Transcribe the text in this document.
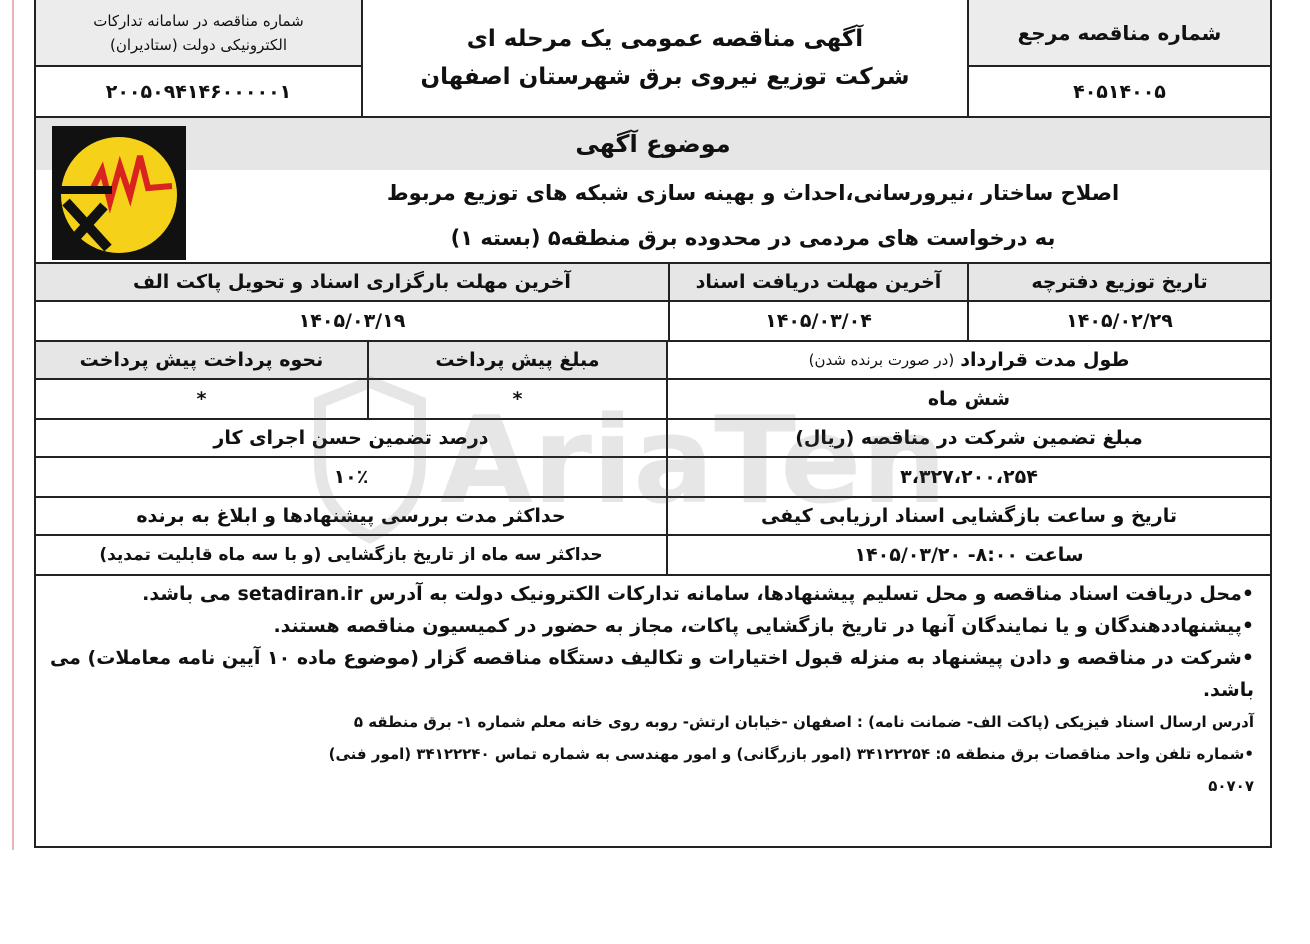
شماره مناقصه مرجع
۴۰۵۱۴۰۰۵
آگهی مناقصه عمومی یک مرحله ای
شرکت توزیع نیروی برق شهرستان اصفهان
شماره مناقصه در سامانه تدارکات
الکترونیکی دولت (ستادیران)
۲۰۰۵۰۹۴۱۴۶۰۰۰۰۰۱
موضوع آگهی
اصلاح ساختار ،نیرورسانی،احداث و بهینه سازی شبکه های توزیع مربوط
به درخواست های مردمی در محدوده برق منطقه۵ (بسته ۱)
تاریخ توزیع دفترچه
آخرین مهلت دریافت اسناد
آخرین مهلت بارگزاری اسناد و تحویل پاکت الف
۱۴۰۵/۰۲/۲۹
۱۴۰۵/۰۳/۰۴
۱۴۰۵/۰۳/۱۹
طول مدت قرارداد

(در صورت برنده شدن)
مبلغ پیش پرداخت
نحوه پرداخت پیش پرداخت
شش ماه
*
*
مبلغ تضمین شرکت در مناقصه (ریال)
درصد تضمین حسن اجرای کار
۳،۳۲۷،۲۰۰،۲۵۴
۱۰٪
تاریخ و ساعت بازگشایی اسناد ارزیابی کیفی
حداکثر مدت بررسی پیشنهادها و ابلاغ به برنده
ساعت ۸:۰۰- ۱۴۰۵/۰۳/۲۰
حداکثر سه ماه از تاریخ بازگشایی (و با سه ماه قابلیت تمدید)
•محل دریافت اسناد مناقصه و محل تسلیم پیشنهادها، سامانه تدارکات الکترونیک دولت به آدرس setadiran.ir می باشد.
•پیشنهاددهندگان و یا نمایندگان آنها در تاریخ بازگشایی پاکات، مجاز به حضور در کمیسیون مناقصه هستند.
•شرکت در مناقصه و دادن پیشنهاد به منزله قبول اختیارات و تکالیف دستگاه مناقصه گزار (موضوع ماده ۱۰ آیین نامه معاملات) می
باشد.
آدرس ارسال اسناد فیزیکی (پاکت الف- ضمانت نامه) : اصفهان -خیابان ارتش- روبه روی خانه معلم شماره ۱- برق منطقه ۵
•شماره تلفن واحد مناقصات برق منطقه ۵: ۳۴۱۲۲۲۵۴ (امور بازرگانی) و امور مهندسی به شماره تماس ۳۴۱۲۲۲۴۰ (امور فنی)
۵۰۷۰۷
AriaTen
